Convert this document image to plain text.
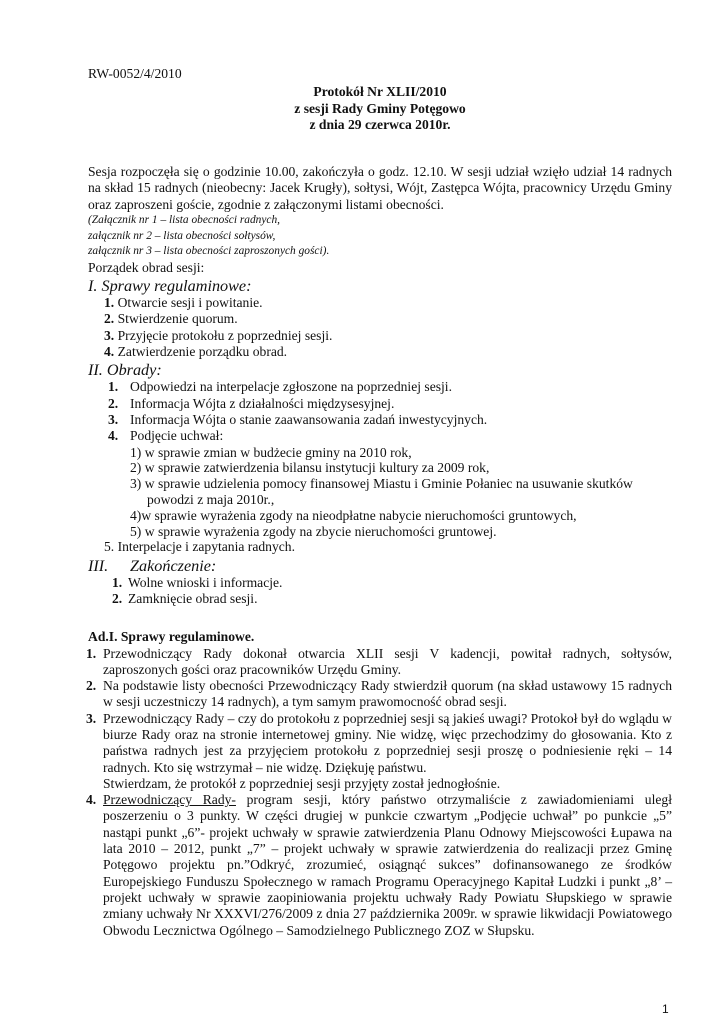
RW-0052/4/2010
Protokół Nr XLII/2010
z sesji Rady Gminy Potęgowo
z dnia 29 czerwca 2010r.
Sesja rozpoczęła się o godzinie 10.00, zakończyła o godz. 12.10. W sesji udział wzięło udział 14 radnych na skład 15 radnych (nieobecny: Jacek Krugły), sołtysi, Wójt, Zastępca Wójta, pracownicy Urzędu Gminy oraz zaproszeni goście, zgodnie z załączonymi listami obecności.
(Załącznik nr 1 – lista obecności radnych,
załącznik nr 2 – lista obecności sołtysów,
załącznik nr 3 – lista obecności zaproszonych gości).
Porządek obrad sesji:
I. Sprawy regulaminowe:
1. Otwarcie sesji i powitanie.
2. Stwierdzenie quorum.
3. Przyjęcie protokołu z poprzedniej sesji.
4. Zatwierdzenie porządku obrad.
II. Obrady:
1. Odpowiedzi na interpelacje zgłoszone na poprzedniej sesji.
2. Informacja Wójta z działalności międzysesyjnej.
3. Informacja Wójta o stanie zaawansowania zadań inwestycyjnych.
4. Podjęcie uchwał:
1) w sprawie zmian w budżecie gminy na 2010 rok,
2) w sprawie zatwierdzenia bilansu instytucji kultury za 2009 rok,
3) w sprawie udzielenia pomocy finansowej Miastu i Gminie Połaniec na usuwanie skutków
powodzi z maja 2010r.,
4)w sprawie wyrażenia zgody na nieodpłatne nabycie nieruchomości gruntowych,
5) w sprawie wyrażenia zgody na zbycie nieruchomości gruntowej.
5. Interpelacje i zapytania radnych.
III. Zakończenie:
1. Wolne wnioski i informacje.
2. Zamknięcie obrad sesji.
Ad.I. Sprawy regulaminowe.
1. Przewodniczący Rady dokonał otwarcia XLII sesji V kadencji, powitał radnych, sołtysów, zaproszonych gości oraz pracowników Urzędu Gminy.
2. Na podstawie listy obecności Przewodniczący Rady stwierdził quorum (na skład ustawowy 15 radnych w sesji uczestniczy 14 radnych), a tym samym prawomocność obrad sesji.
3. Przewodniczący Rady – czy do protokołu z poprzedniej sesji są jakieś uwagi? Protokoł był do wglądu w biurze Rady oraz na stronie internetowej gminy. Nie widzę, więc przechodzimy do głosowania. Kto z państwa radnych jest za przyjęciem protokołu z poprzedniej sesji proszę o podniesienie ręki – 14 radnych. Kto się wstrzymał – nie widzę. Dziękuję państwu.
Stwierdzam, że protokół z poprzedniej sesji przyjęty został jednogłośnie.
4. Przewodniczący Rady- program sesji, który państwo otrzymaliście z zawiadomieniami uległ poszerzeniu o 3 punkty. W części drugiej w punkcie czwartym „Podjęcie uchwał” po punkcie „5” nastąpi punkt „6”- projekt uchwały w sprawie zatwierdzenia Planu Odnowy Miejscowości Łupawa na lata 2010 – 2012, punkt „7” – projekt uchwały w sprawie zatwierdzenia do realizacji przez Gminę Potęgowo projektu pn.”Odkryć, zrozumieć, osiągnąć sukces” dofinansowanego ze środków Europejskiego Funduszu Społecznego w ramach Programu Operacyjnego Kapitał Ludzki i punkt „8’ – projekt uchwały w sprawie zaopiniowania projektu uchwały Rady Powiatu Słupskiego w sprawie zmiany uchwały Nr XXXVI/276/2009 z dnia 27 października 2009r. w sprawie likwidacji Powiatowego Obwodu Lecznictwa Ogólnego – Samodzielnego Publicznego ZOZ w Słupsku.
1
